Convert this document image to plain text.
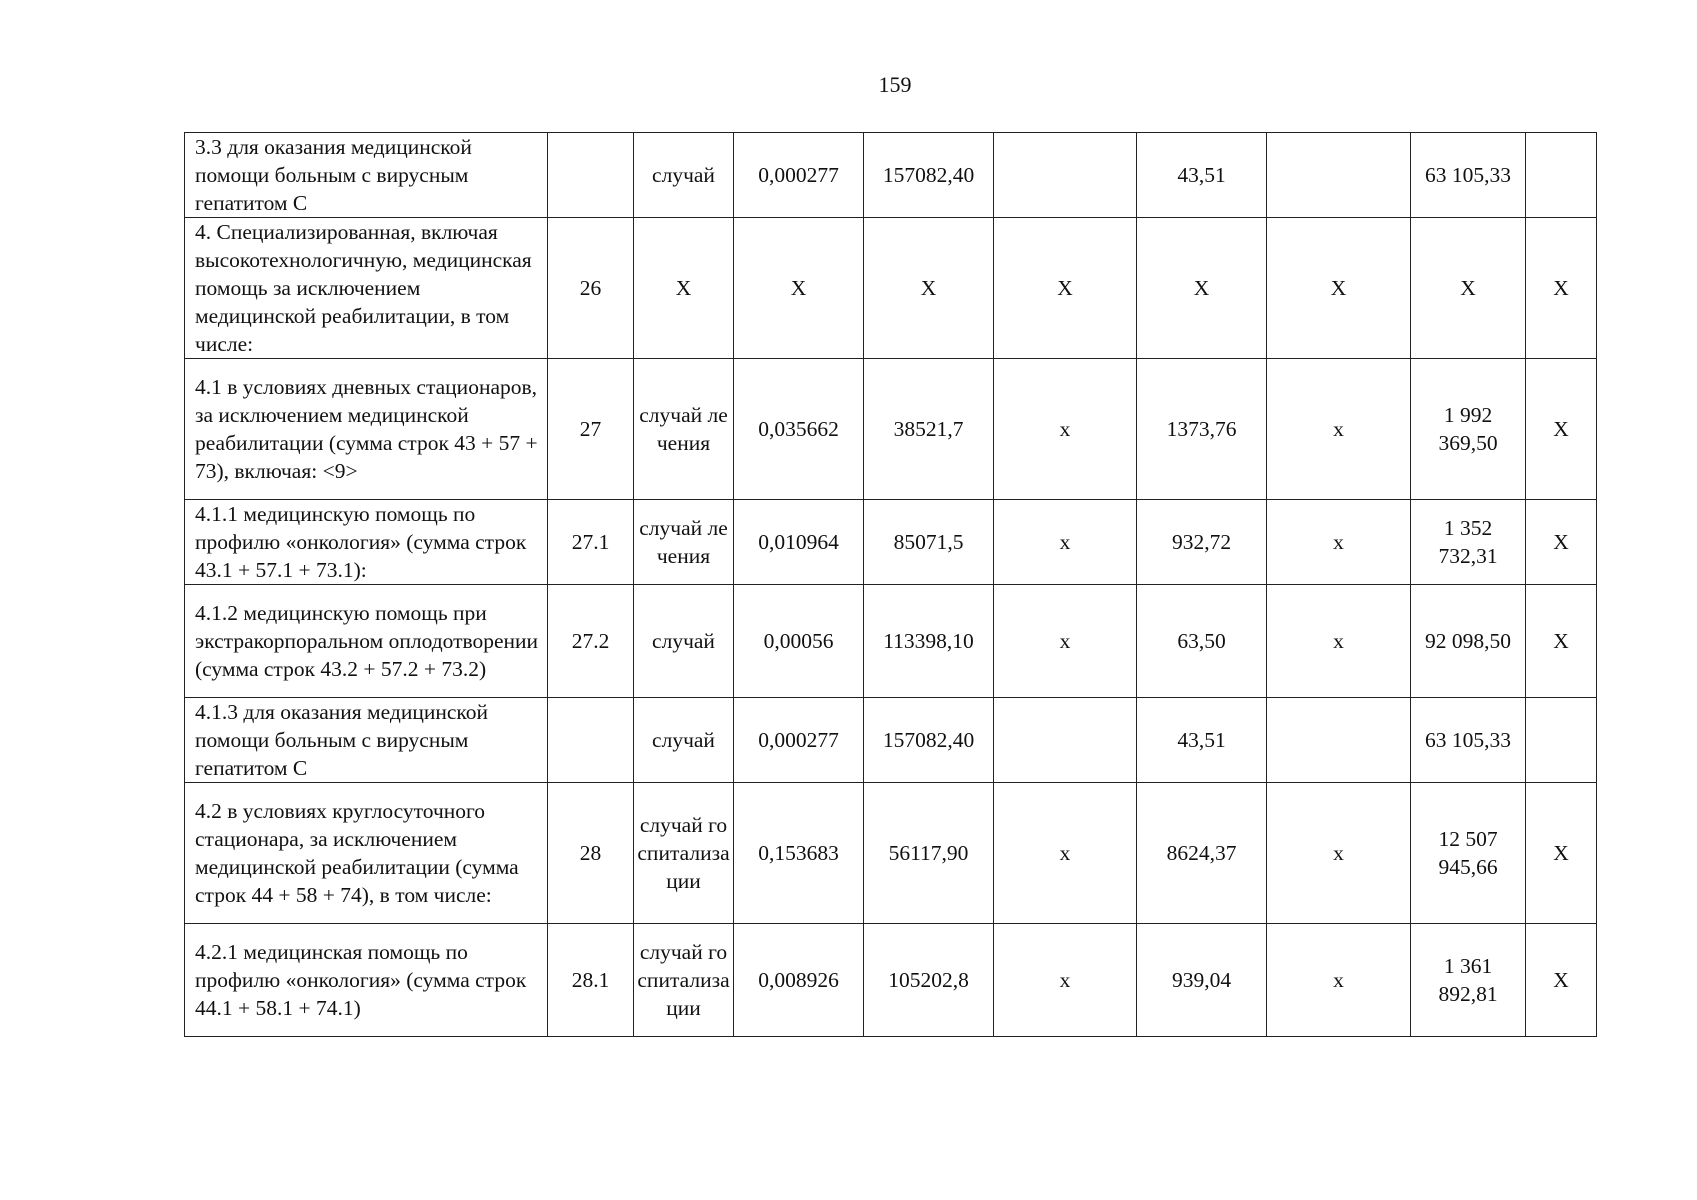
159
3.3 для оказания медицинской помощи больным с вирусным гепатитом С		случай	0,000277	157082,40		43,51		63 105,33	
4. Специализированная, включая высокотехнологичную, медицинская помощь за исключением медицинской реабилитации, в том числе:	26	Х	Х	Х	Х	Х	Х	Х	Х
4.1 в условиях дневных стационаров, за исключением медицинской реабилитации (сумма строк 43 + 57 + 73), включая: <9>	27	случай лечения	0,035662	38521,7	х	1373,76	х	1 992 369,50	Х
4.1.1 медицинскую помощь по профилю «онкология» (сумма строк 43.1 + 57.1 + 73.1):	27.1	случай лечения	0,010964	85071,5	х	932,72	х	1 352 732,31	Х
4.1.2 медицинскую помощь при экстракорпоральном оплодотворении (сумма строк 43.2 + 57.2 + 73.2)	27.2	случай	0,00056	113398,10	х	63,50	х	92 098,50	Х
4.1.3 для оказания медицинской помощи больным с вирусным гепатитом С		случай	0,000277	157082,40		43,51		63 105,33	
4.2 в условиях круглосуточного стационара, за исключением медицинской реабилитации (сумма строк 44 + 58 + 74), в том числе:	28	случай госпитализации	0,153683	56117,90	х	8624,37	х	12 507 945,66	Х
4.2.1 медицинская помощь по профилю «онкология» (сумма строк 44.1 + 58.1 + 74.1)	28.1	случай госпитализации	0,008926	105202,8	х	939,04	х	1 361 892,81	Х
